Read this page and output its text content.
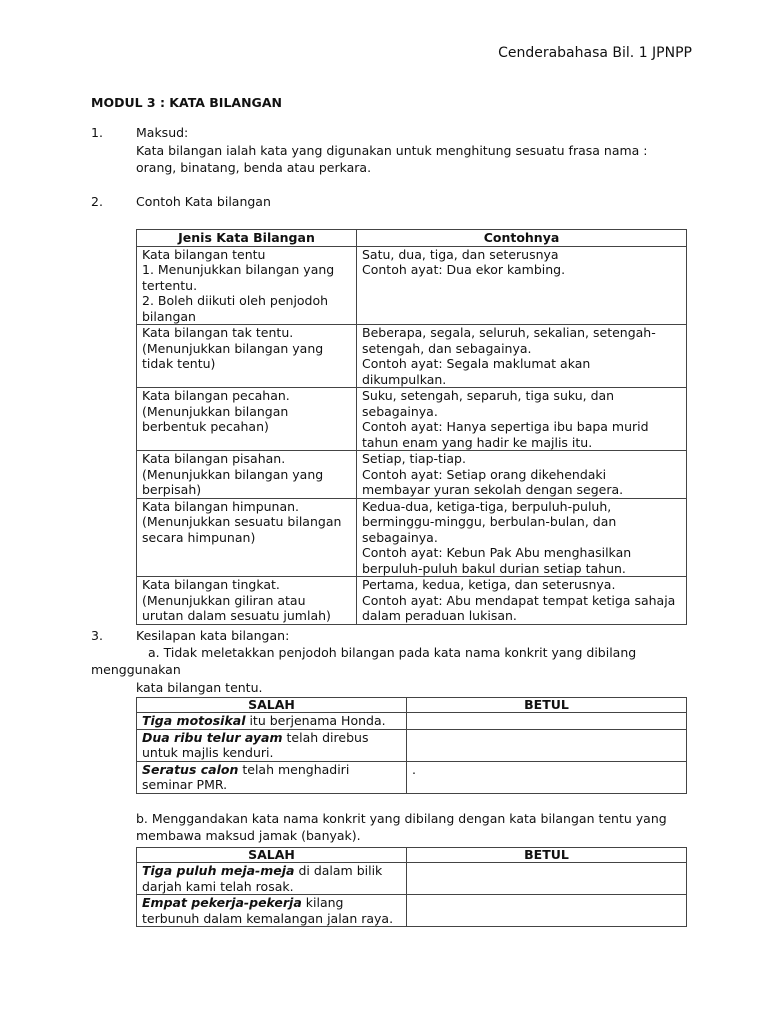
Cenderabahasa Bil. 1 JPNPP
MODUL 3 : KATA BILANGAN
1.	Maksud:
Kata bilangan ialah kata yang digunakan untuk menghitung sesuatu frasa nama :
orang, binatang, benda atau perkara.
2.	Contoh Kata bilangan
Jenis Kata Bilangan	Contohnya

Kata bilangan tentu
1. Menunjukkan bilangan yang
tertentu.
2. Boleh diikuti oleh penjodoh
bilangan	Satu, dua, tiga, dan seterusnya
Contoh ayat: Dua ekor kambing.

Kata bilangan tak tentu.
(Menunjukkan bilangan yang
tidak tentu)	Beberapa, segala, seluruh, sekalian, setengah-
setengah, dan sebagainya.
Contoh ayat: Segala maklumat akan
dikumpulkan.

Kata bilangan pecahan.
(Menunjukkan bilangan
berbentuk pecahan)	Suku, setengah, separuh, tiga suku, dan
sebagainya.
Contoh ayat: Hanya sepertiga ibu bapa murid
tahun enam yang hadir ke majlis itu.

Kata bilangan pisahan.
(Menunjukkan bilangan yang
berpisah)	Setiap, tiap-tiap.
Contoh ayat: Setiap orang dikehendaki
membayar yuran sekolah dengan segera.

Kata bilangan himpunan.
(Menunjukkan sesuatu bilangan
secara himpunan)	Kedua-dua, ketiga-tiga, berpuluh-puluh,
berminggu-minggu, berbulan-bulan, dan
sebagainya.
Contoh ayat: Kebun Pak Abu menghasilkan
berpuluh-puluh bakul durian setiap tahun.

Kata bilangan tingkat.
(Menunjukkan giliran atau
urutan dalam sesuatu jumlah)	Pertama, kedua, ketiga, dan seterusnya.
Contoh ayat: Abu mendapat tempat ketiga sahaja
dalam peraduan lukisan.
3.	Kesilapan kata bilangan:
a. Tidak meletakkan penjodoh bilangan pada kata nama konkrit yang dibilang
menggunakan
kata bilangan tentu.
SALAH	BETUL

Tiga motosikal itu berjenama Honda.	

Dua ribu telur ayam telah direbus
untuk majlis kenduri.	

Seratus calon telah menghadiri
seminar PMR.	.
b. Menggandakan kata nama konkrit yang dibilang dengan kata bilangan tentu yang
membawa maksud jamak (banyak).
SALAH	BETUL

Tiga puluh meja-meja di dalam bilik
darjah kami telah rosak.	

Empat pekerja-pekerja kilang
terbunuh dalam kemalangan jalan raya.	
